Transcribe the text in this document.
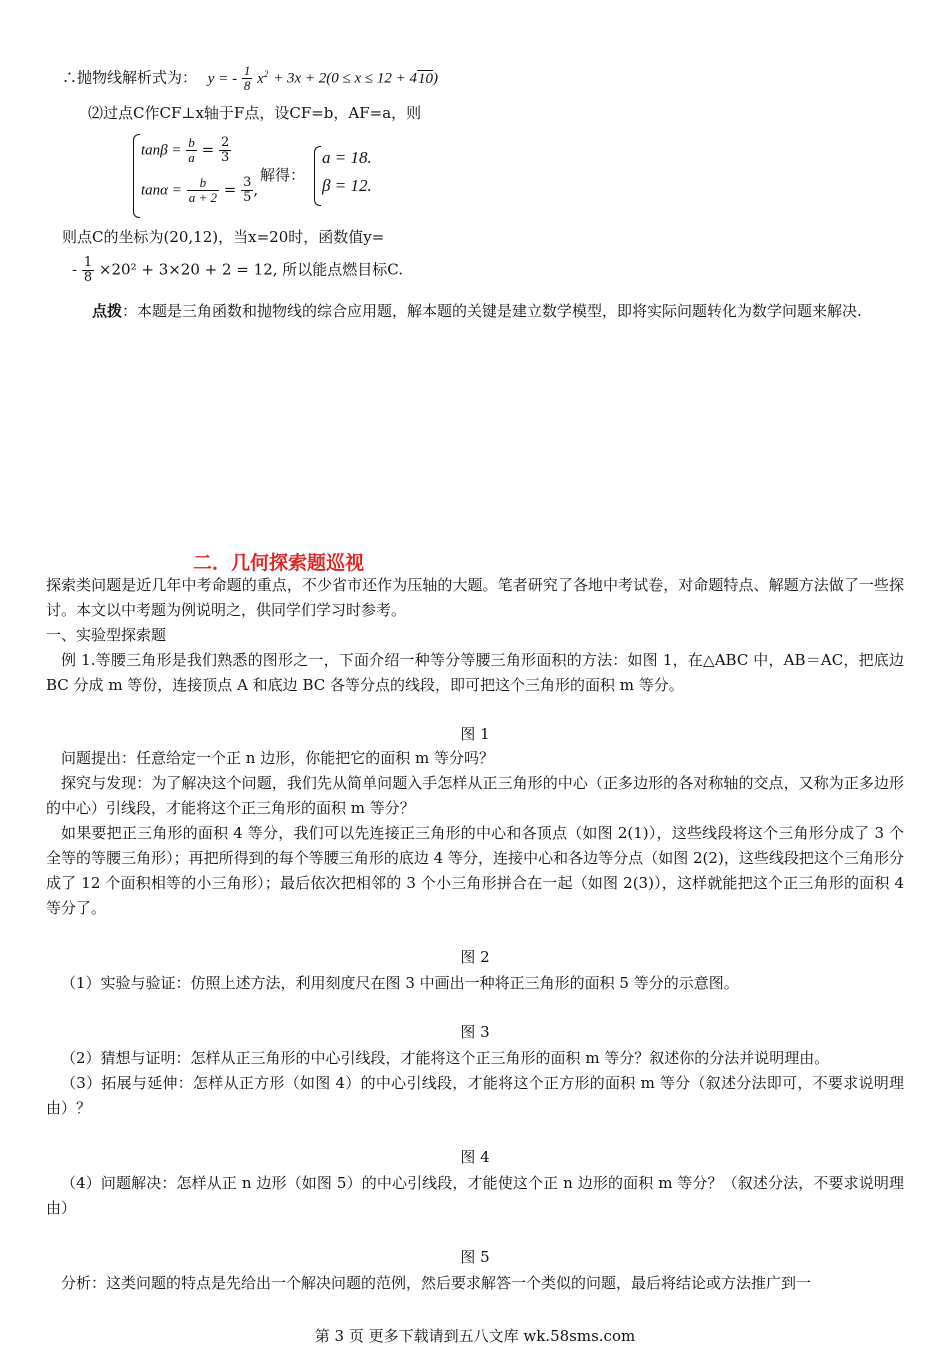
∴抛物线解析式为： y = - $\frac{1}{8} x^2 + 3x + 2(0 \le x \le 12 + 410)$
⑵过点C作CF⊥x轴于F点，设CF=b，AF=a，则
$\tan\beta = \frac{b}{a} = \frac{2}{3}$
$\tan\alpha = \frac{b}{a + 2} = \frac{3}{5}$ ,
解得：
a = 18.
β = 12.
则点C的坐标为(20,12)，当x=20时，函数值y=
- $\frac{1}{8} \times 20^2 + 3\times 20 + 2 = 12$, 所以能点燃目标C.
点拨：本题是三角函数和抛物线的综合应用题，解本题的关键是建立数学模型，即将实际问题转化为数学问题来解决.
二．几何探索题巡视
探索类问题是近几年中考命题的重点，不少省市还作为压轴的大题。笔者研究了各地中考试卷，对命题特点、解题方法做了一些探讨。本文以中考题为例说明之，供同学们学习时参考。
一、实验型探索题
例 1.等腰三角形是我们熟悉的图形之一，下面介绍一种等分等腰三角形面积的方法：如图 1，在△ABC 中，AB＝AC，把底边 BC 分成 m 等份，连接顶点 A 和底边 BC 各等分点的线段，即可把这个三角形的面积 m 等分。
图 1
问题提出：任意给定一个正 n 边形，你能把它的面积 m 等分吗？
探究与发现：为了解决这个问题，我们先从简单问题入手怎样从正三角形的中心（正多边形的各对称轴的交点，又称为正多边形的中心）引线段，才能将这个正三角形的面积 m 等分？
如果要把正三角形的面积 4 等分，我们可以先连接正三角形的中心和各顶点（如图 2(1)），这些线段将这个三角形分成了 3 个全等的等腰三角形）；再把所得到的每个等腰三角形的底边 4 等分，连接中心和各边等分点（如图 2(2)，这些线段把这个三角形分成了 12 个面积相等的小三角形）；最后依次把相邻的 3 个小三角形拼合在一起（如图 2(3)），这样就能把这个正三角形的面积 4 等分了。
图 2
（1）实验与验证：仿照上述方法，利用刻度尺在图 3 中画出一种将正三角形的面积 5 等分的示意图。
图 3
（2）猜想与证明：怎样从正三角形的中心引线段，才能将这个正三角形的面积 m 等分？叙述你的分法并说明理由。
（3）拓展与延伸：怎样从正方形（如图 4）的中心引线段，才能将这个正方形的面积 m 等分（叙述分法即可，不要求说明理由）？
图 4
（4）问题解决：怎样从正 n 边形（如图 5）的中心引线段，才能使这个正 n 边形的面积 m 等分？（叙述分法，不要求说明理由）
图 5
分析：这类问题的特点是先给出一个解决问题的范例，然后要求解答一个类似的问题，最后将结论或方法推广到一
第 3 页 更多下载请到五八文库 wk.58sms.com
